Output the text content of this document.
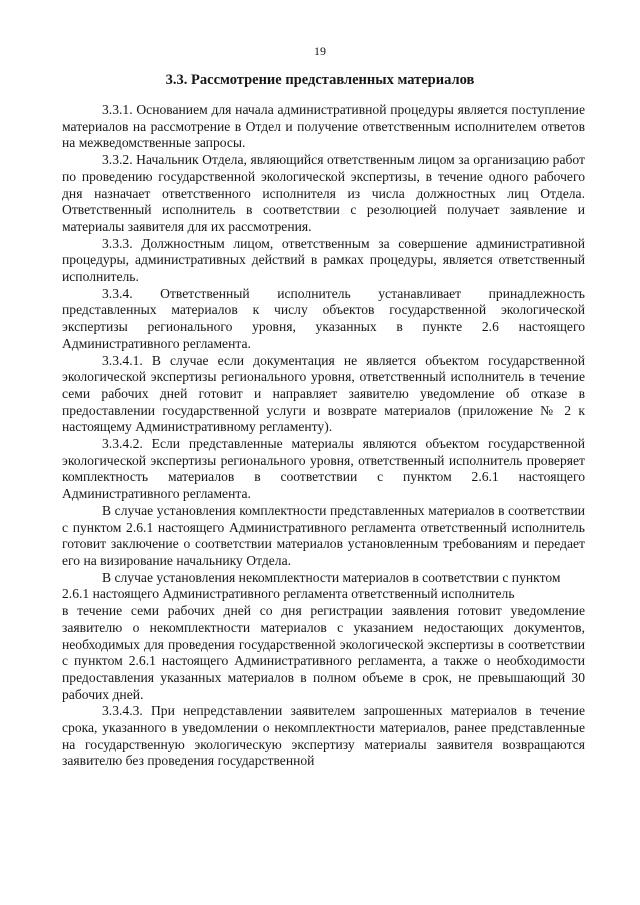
19
3.3. Рассмотрение представленных материалов

3.3.1. Основанием для начала административной процедуры является поступление материалов на рассмотрение в Отдел и получение ответственным исполнителем ответов на межведомственные запросы.

3.3.2. Начальник Отдела, являющийся ответственным лицом за организацию работ по проведению государственной экологической экспертизы, в течение одного рабочего дня назначает ответственного исполнителя из числа должностных лиц Отдела. Ответственный исполнитель в соответствии с резолюцией получает заявление и материалы заявителя для их рассмотрения.

3.3.3. Должностным лицом, ответственным за совершение административной процедуры, административных действий в рамках процедуры, является ответственный исполнитель.

3.3.4. Ответственный исполнитель устанавливает принадлежность представленных материалов к числу объектов государственной экологической экспертизы регионального уровня, указанных в пункте 2.6 настоящего Административного регламента.

3.3.4.1. В случае если документация не является объектом государственной экологической экспертизы регионального уровня, ответственный исполнитель в течение семи рабочих дней готовит и направляет заявителю уведомление об отказе в предоставлении государственной услуги и возврате материалов (приложение № 2 к настоящему Административному регламенту).

3.3.4.2. Если представленные материалы являются объектом государственной экологической экспертизы регионального уровня, ответственный исполнитель проверяет комплектность материалов в соответствии с пунктом 2.6.1 настоящего Административного регламента.

В случае установления комплектности представленных материалов в соответствии с пунктом 2.6.1 настоящего Административного регламента ответственный исполнитель готовит заключение о соответствии материалов установленным требованиям и передает его на визирование начальнику Отдела.

В случае установления некомплектности материалов в соответствии с пунктом 2.6.1 настоящего Административного регламента ответственный исполнитель

в течение семи рабочих дней со дня регистрации заявления готовит уведомление заявителю о некомплектности материалов с указанием недостающих документов, необходимых для проведения государственной экологической экспертизы в соответствии с пунктом 2.6.1 настоящего Административного регламента, а также о необходимости предоставления указанных материалов в полном объеме в срок, не превышающий 30 рабочих дней.

3.3.4.3. При непредставлении заявителем запрошенных материалов в течение срока, указанного в уведомлении о некомплектности материалов, ранее представленные на государственную экологическую экспертизу материалы заявителя возвращаются заявителю без проведения государственной
